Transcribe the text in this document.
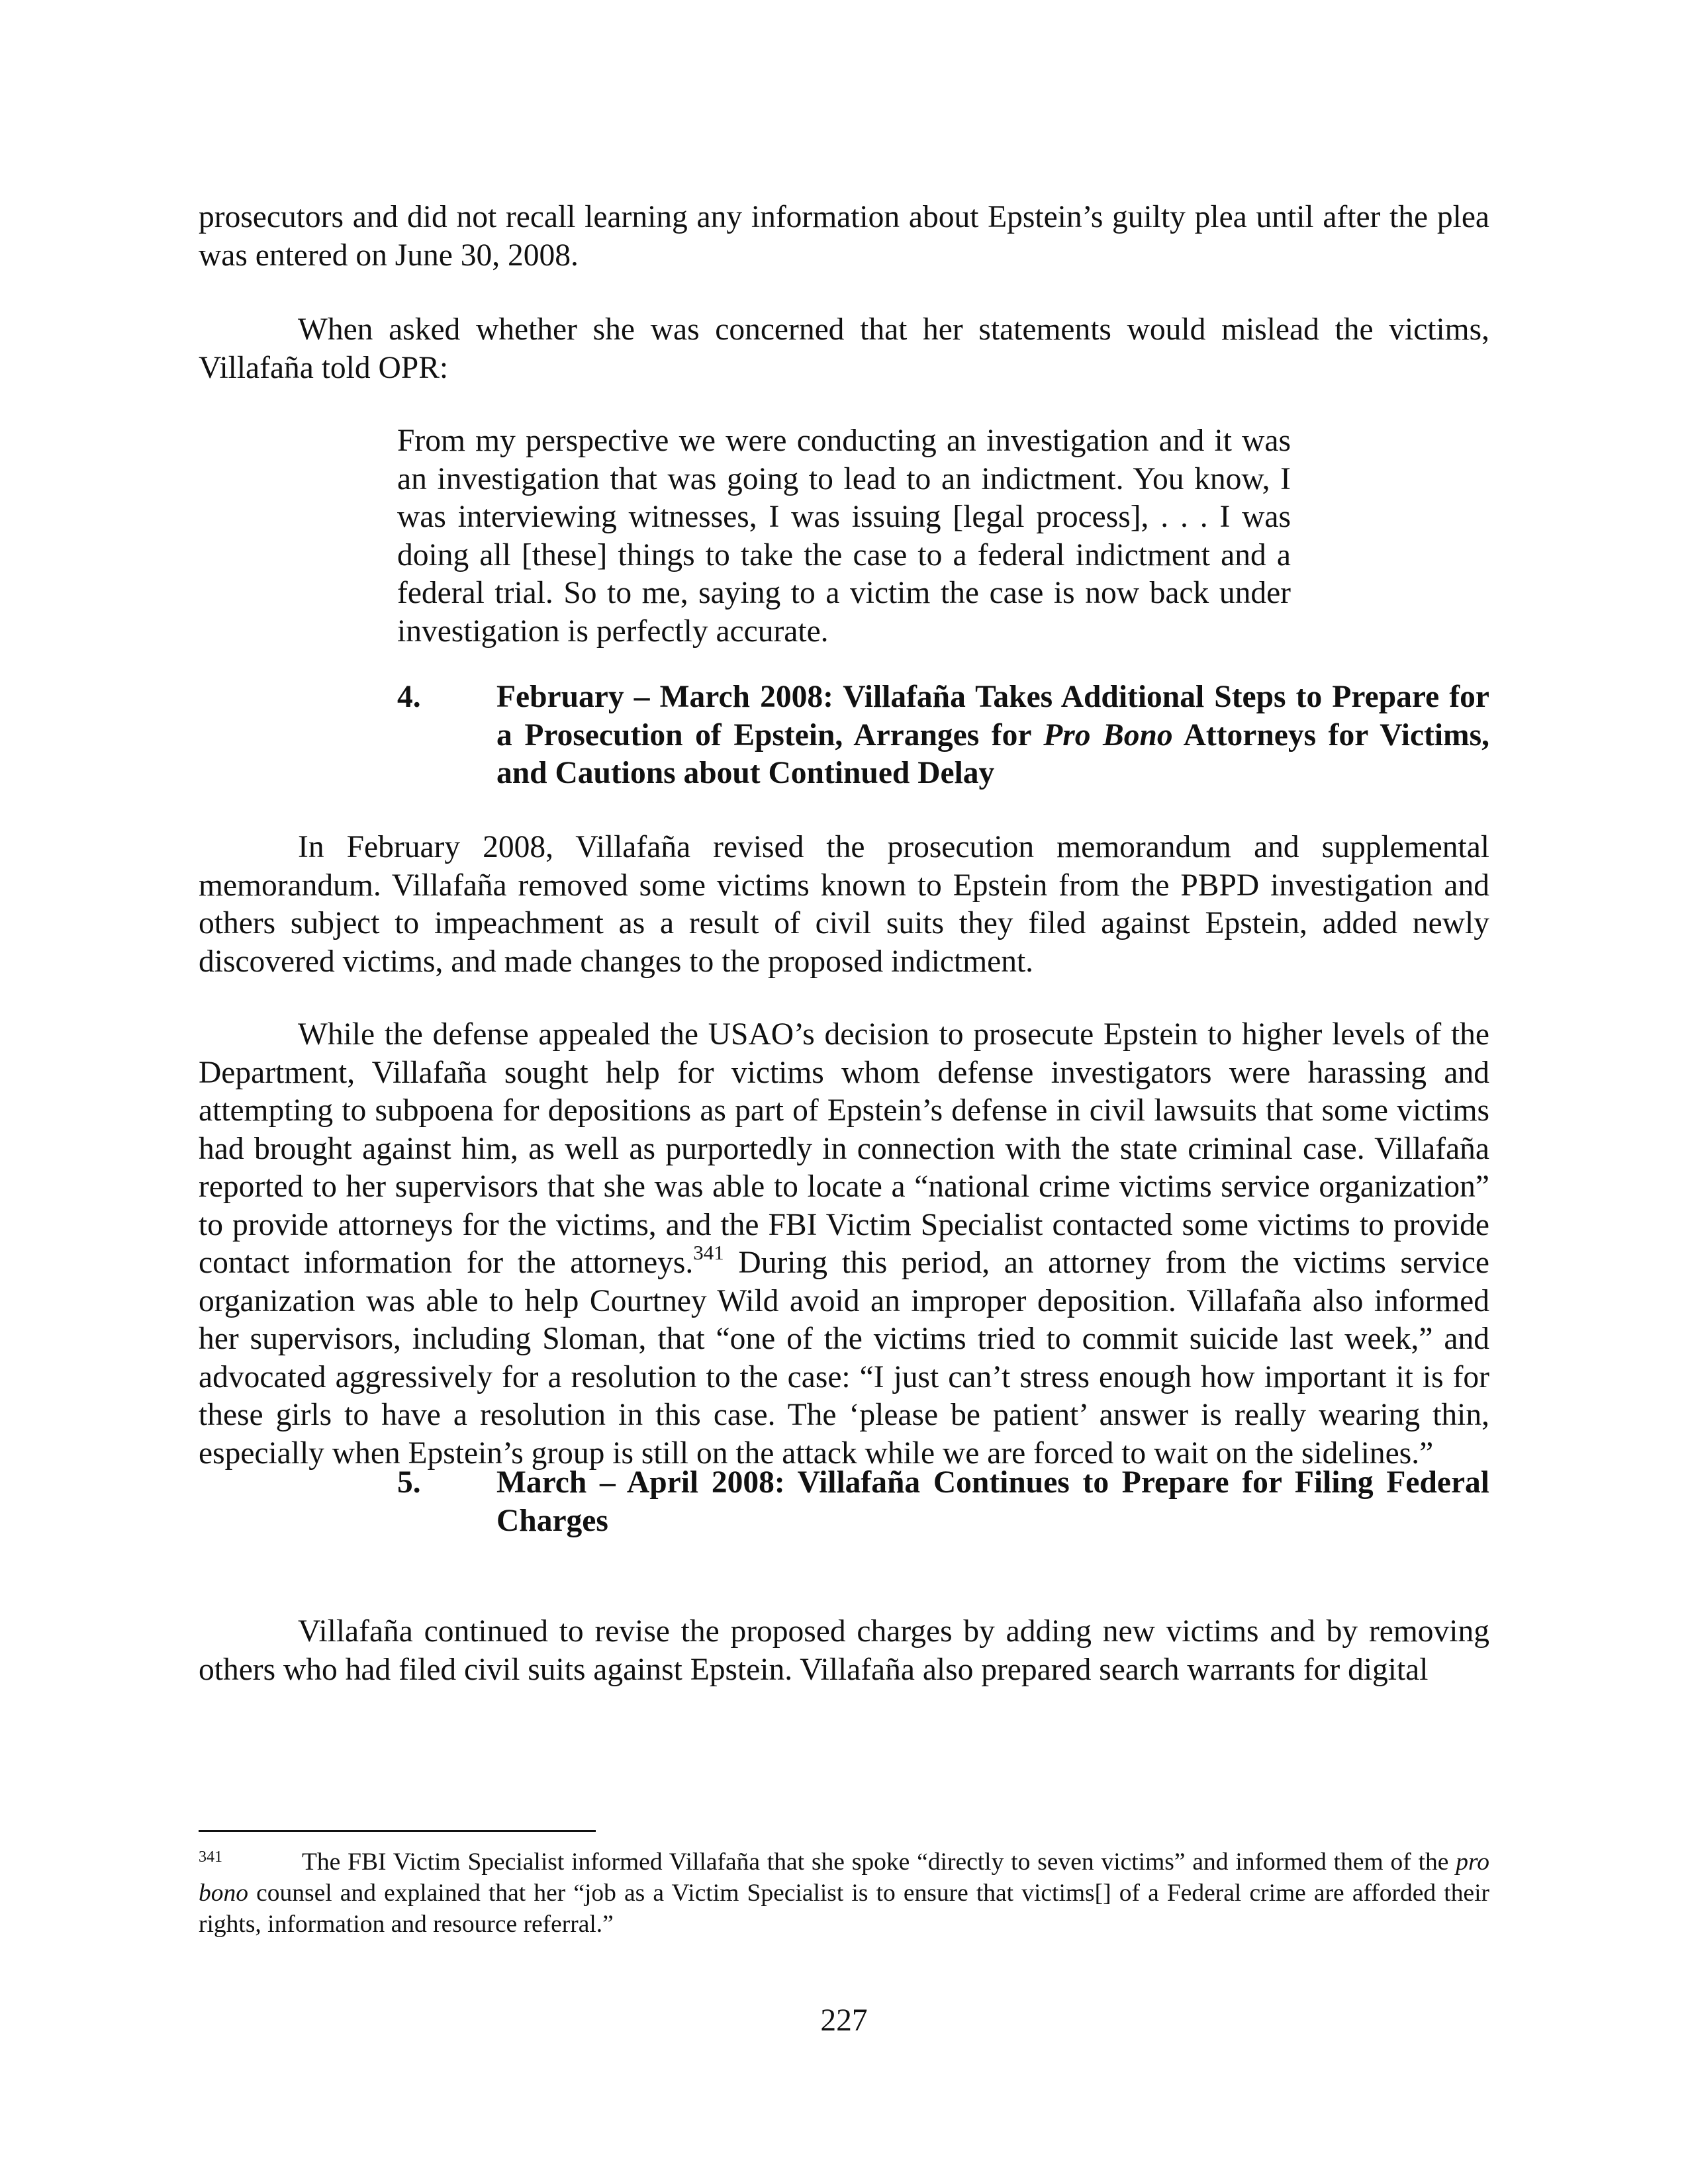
prosecutors and did not recall learning any information about Epstein’s guilty plea until after the plea was entered on June 30, 2008.

When asked whether she was concerned that her statements would mislead the victims, Villafaña told OPR:

From my perspective we were conducting an investigation and it was an investigation that was going to lead to an indictment. You know, I was interviewing witnesses, I was issuing [legal process], . . . I was doing all [these] things to take the case to a federal indictment and a federal trial. So to me, saying to a victim the case is now back under investigation is perfectly accurate.

4. February – March 2008: Villafaña Takes Additional Steps to Prepare for a Prosecution of Epstein, Arranges for Pro Bono Attorneys for Victims, and Cautions about Continued Delay

In February 2008, Villafaña revised the prosecution memorandum and supplemental memorandum. Villafaña removed some victims known to Epstein from the PBPD investigation and others subject to impeachment as a result of civil suits they filed against Epstein, added newly discovered victims, and made changes to the proposed indictment.

While the defense appealed the USAO’s decision to prosecute Epstein to higher levels of the Department, Villafaña sought help for victims whom defense investigators were harassing and attempting to subpoena for depositions as part of Epstein’s defense in civil lawsuits that some victims had brought against him, as well as purportedly in connection with the state criminal case. Villafaña reported to her supervisors that she was able to locate a “national crime victims service organization” to provide attorneys for the victims, and the FBI Victim Specialist contacted some victims to provide contact information for the attorneys.$^{341}$ During this period, an attorney from the victims service organization was able to help Courtney Wild avoid an improper deposition. Villafaña also informed her supervisors, including Sloman, that “one of the victims tried to commit suicide last week,” and advocated aggressively for a resolution to the case: “I just can’t stress enough how important it is for these girls to have a resolution in this case. The ‘please be patient’ answer is really wearing thin, especially when Epstein’s group is still on the attack while we are forced to wait on the sidelines.”

5. March – April 2008: Villafaña Continues to Prepare for Filing Federal Charges

Villafaña continued to revise the proposed charges by adding new victims and by removing others who had filed civil suits against Epstein. Villafaña also prepared search warrants for digital

$^{341}$	The FBI Victim Specialist informed Villafaña that she spoke “directly to seven victims” and informed them of the pro bono counsel and explained that her “job as a Victim Specialist is to ensure that victims[] of a Federal crime are afforded their rights, information and resource referral.”

227
